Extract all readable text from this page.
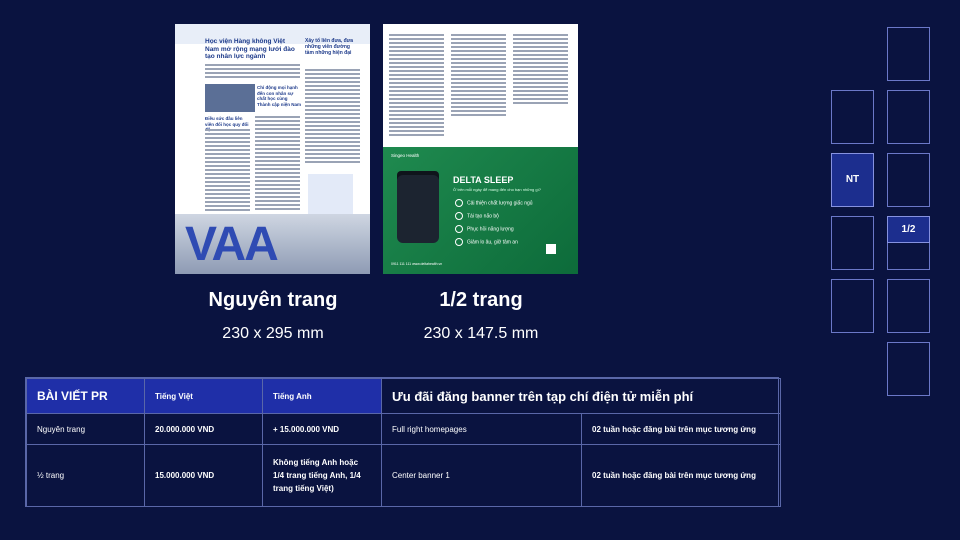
Học viện Hàng không Việt Nam mở rộng mạng lưới đào tạo nhân lực ngành
Xây tổ liên đưa, đưa những viên đường tầm những hiện đại
Chỉ động mọi hạnh đến con nhân sự chất học cùng Thành cập niện Nam
Điều sức đầu liên viên đổi học quy đổi
VAA
Singeo Health
DELTA SLEEP
Ở trên mỗi ngày để mang đến cho bạn những gì?
Cải thiện chất lượng giấc ngủ
Tái tạo não bộ
Phục hồi năng lượng
Giảm lo âu, giữ tâm an
0911 111 111 www.deltahealth.vn
Nguyên trang
230 x 295 mm
1/2 trang
230 x 147.5 mm
NT
1/2
BÀI VIẾT PR	Tiếng Việt	Tiếng Anh	Ưu đãi đăng banner trên tạp chí điện tử miễn phí	
Nguyên trang	20.000.000 VND	+ 15.000.000 VND	Full right homepages	02 tuần hoặc đăng bài trên mục tương ứng
½ trang	15.000.000 VND	Không tiếng Anh hoặc 1/4 trang tiếng Anh, 1/4 trang tiếng Việt)	Center banner 1	02 tuần hoặc đăng bài trên mục tương ứng
